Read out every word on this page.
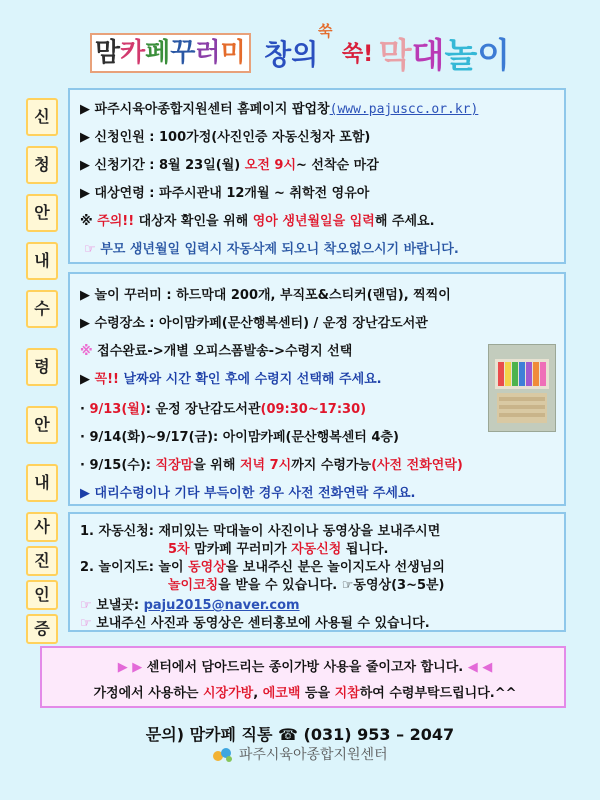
맘카페꾸러미 창의
쑥
쑥! 막대놀이
신
청
안
내
▶ 파주시육아종합지원센터 홈페이지 팝업창(www.pajuscc.or.kr)
▶ 신청인원 : 100가정(사진인증 자동신청자 포함)
▶ 신청기간 : 8월 23일(월) 오전 9시~ 선착순 마감
▶ 대상연령 : 파주시관내 12개월 ~ 취학전 영유아
※ 주의!! 대상자 확인을 위해 영아 생년월일을 입력해 주세요.
☞ 부모 생년월일 입력시 자동삭제 되오니 착오없으시기 바랍니다.
수
령
안
내
▶ 놀이 꾸러미 : 하드막대 200개, 부직포&스티커(랜덤), 찍찍이
▶ 수령장소 : 아이맘카페(문산행복센터) / 운정 장난감도서관
※ 접수완료->개별 오피스폼발송->수령지 선택
▶ 꼭!! 날짜와 시간 확인 후에 수령지 선택해 주세요.
· 9/13(월): 운정 장난감도서관(09:30~17:30)
· 9/14(화)~9/17(금): 아이맘카페(문산행복센터 4층)
· 9/15(수): 직장맘을 위해 저녁 7시까지 수령가능(사전 전화연락)
▶ 대리수령이나 기타 부득이한 경우 사전 전화연락 주세요.
사
진
인
증
1. 자동신청: 재미있는 막대놀이 사진이나 동영상을 보내주시면
5차 맘카페 꾸러미가 자동신청 됩니다.
2. 놀이지도: 놀이 동영상을 보내주신 분은 놀이지도사 선생님의
놀이코칭을 받을 수 있습니다. ☞동영상(3~5분)
☞ 보낼곳: paju2015@naver.com
☞ 보내주신 사진과 동영상은 센터홍보에 사용될 수 있습니다.
▶ ▶ 센터에서 담아드리는 종이가방 사용을 줄이고자 합니다. ◀ ◀
가정에서 사용하는 시장가방, 에코백 등을 지참하여 수령부탁드립니다.^^
문의) 맘카페 직통 ☎ (031) 953 – 2047
파주시육아종합지원센터
